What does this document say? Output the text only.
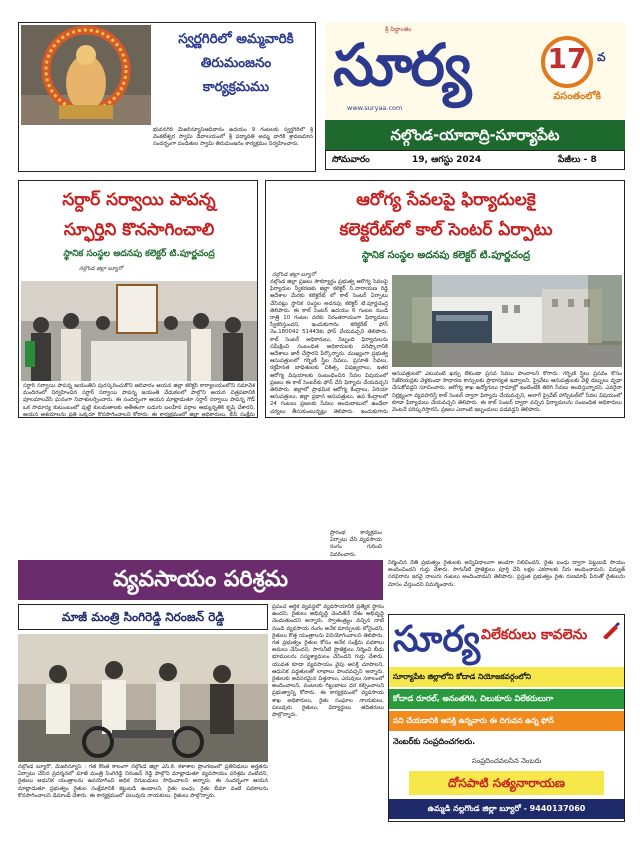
స్వర్ణగిరిలో అమ్మవారికి
తిరుమంజనం
కార్యక్రమము
భువనగిరి మేజర్‌న్యూస్‌ఆదివారం ఉదయం 9 గంటలకు స్వర్ణగిరిలో శ్రీ వెంకటేశ్వర స్వామి దేవాలయంలో శ్రీ పద్మావతి అమ్మ వారికి శ్రావణమాస సందర్భంగా పండితుల స్వామి తిరుమంజనం కార్యక్రమం నిర్వహించారు.
శ్రీ సిద్దాంతం
సూర్య
www.suryaa.com
17 వ
వసంతంలోకి
నల్గొండ-యాదాద్రి-సూర్యాపేట
సోమవారం	19, ఆగస్టు 2024	పేజీలు - 8
సర్దార్ సర్వాయి పాపన్న
స్ఫూర్తిని కొనసాగించాలి
స్థానిక సంస్థల అదనపు కలెక్టర్ టి.పూర్ణచంద్ర
నల్గొండ జిల్లా బ్యూరో
సర్దార్ సర్వాయి పాపన్న జయంతిని పురస్కరించుకొని ఆదివారం ఆయన జిల్లా కలెక్టర్ కార్యాలయంలోని సమావేశ మందిరంలో నిర్వహించిన సర్దార్ సర్వాయి పాపన్న జయంతి వేడుకలలో పాల్గొని ఆయన చిత్రపటానికి పూలమాలవేసి ఘనంగా నివాళులర్పించారు. ఈ సందర్భంగా ఆయన మాట్లాడుతూ సర్దార్ సర్వాయి పాపన్న గౌడ్ ఒక సామాన్య కుటుంబంలో పుట్టి కులమతాలకు అతీతంగా బడుగు బలహీన వర్గాల అభ్యున్నతికి కృషి చేశారని, ఆయన ఆశయాలను ప్రతి ఒక్కరూ కొనసాగించాలని కోరారు. ఈ కార్యక్రమంలో జిల్లా అధికారులు, బీసీ సంక్షేమ
ఆరోగ్య సేవలపై ఫిర్యాదులకై
కలెక్టరేట్‌లో కాల్ సెంటర్ ఏర్పాటు
స్థానిక సంస్థల అదనపు కలెక్టర్ టి.పూర్ణచంద్ర
నల్గొండ జిల్లా బ్యూరో
నల్గొండ జిల్లా ప్రజలు సౌకర్యార్థం ప్రభుత్వ ఆరోగ్య సేవలపై ఫిర్యాదుల స్వీకరణకు జిల్లా కలెక్టర్ సి.నారాయణ రెడ్డి ఆదేశాల మేరకు కలెక్టరేట్ లో కాల్ సెంటర్ ఏర్పాటు చేసినట్లు స్థానిక సంస్థల అదనపు కలెక్టర్ టి.పూర్ణచంద్ర తెలిపారు. ఈ కాల్ సెంటర్ ఉదయం 6 గంటల నుండి రాత్రి 10 గంటల వరకు నిరంతరాయంగా ఫిర్యాదులు స్వీకరిస్తుందని, ఇందుకుగాను కలెక్టరేట్ ఫోన్ నెం.180042 51443కు ఫోన్ చేయవచ్చని తెలిపారు. కాల్ సెంటర్ అధికారులు, సిబ్బంది ఫిర్యాదులను సమీక్షించి సంబంధిత అధికారులకు పరిష్కారానికి ఆదేశాలు జారీ చేస్తారని పేర్కొన్నారు. ముఖ్యంగా ప్రభుత్వ ఆసుపత్రులలో గర్భిణీ స్త్రీల సేవలు, ప్రసూతి సేవలు, రక్తహీనత బాధితులకు చికిత్స, విషజ్వరాలు, ఇతర ఆరోగ్య విషయాలకు సంబంధించిన సేవల విషయంలో ప్రజలు ఈ కాల్ సెంటర్‌కు ఫోన్ చేసి ఫిర్యాదు చేయవచ్చని తెలిపారు. జిల్లాలో ప్రాథమిక ఆరోగ్య కేంద్రాలు, ఏరియా ఆసుపత్రులు, జిల్లా ప్రధాన ఆసుపత్రులు, ఉప కేంద్రాలలో 24 గంటలు ప్రజలకు సేవలు అందుబాటులో ఉండేలా చర్యలు తీసుకుంటున్నట్లు తెలిపారు. ఇందుకుగాను
ఆసుపత్రులలో ఎటువంటి ఖర్చు లేకుండా ప్రసవ సేవలు పొందాలని కోరారు. గర్భిణీ స్త్రీలు ప్రసవం కోసం సిజేరియన్లకు వెళ్లకుండా సాధారణ కాన్పులకు ప్రాధాన్యత ఇవ్వాలని, ప్రైవేటు ఆసుపత్రులకు వెళ్లి డబ్బులు వృధా చేసుకోవద్దని సూచించారు. ఆరోగ్య శాఖ ఉద్యోగులు గ్రామాల్లో ఇంటింటికి తిరిగి సేవలు అందిస్తున్నారని, ఎవరైనా నిర్లక్ష్యంగా వ్యవహరిస్తే కాల్ సెంటర్ ద్వారా ఫిర్యాదు చేయవచ్చని, అలాగే ప్రైవేట్ హాస్పిటల్‌లో సేవల విషయంలో కూడా ఫిర్యాదులు చేయవచ్చని తెలిపారు. ఈ కాల్ సెంటర్ ద్వారా వచ్చిన ఫిర్యాదులను సంబంధిత అధికారులు వెంటనే పరిష్కరిస్తారని, ప్రజలు ఎలాంటి ఇబ్బందులు పడవద్దని తెలిపారు.
వ్యవసాయం పరిశ్రమ
ప్రారంభ కార్యక్రమం ఏర్పాటు చేసి వ్యవసాయ రంగం గురించి వివరించారు.
మాజీ మంత్రి సింగిరెడ్డి నిరంజన్ రెడ్డి
నల్గొండ బ్యూరో, మేజర్‌న్యూస్ : గత కొంత కాలంగా నల్గొండ జిల్లా ఎస్.కె. కళాశాల ప్రాంగణంలో ప్రతినిధులు అర్హతను ఏర్పాటు చేసిన ప్రదర్శనలో మాజీ మంత్రి సింగిరెడ్డి నిరంజన్ రెడ్డి పాల్గొని మాట్లాడుతూ వ్యవసాయం పరిశ్రమ వంటిదని, రైతులు ఆధునిక యంత్రాలను ఉపయోగించి అధిక దిగుబడులు సాధించాలని అన్నారు. ఈ సందర్భంగా ఆయన మాట్లాడుతూ ప్రభుత్వం రైతుల సంక్షేమానికి కట్టుబడి ఉండాలని, రైతు బంధు, రైతు బీమా వంటి పథకాలను కొనసాగించాలని డిమాండ్ చేశారు. ఈ కార్యక్రమంలో పలువురు నాయకులు, రైతులు పాల్గొన్నారు.
ప్రపంచ ఆర్థిక వ్యవస్థలో వ్యవసాయానికి ప్రత్యేక స్థానం ఉందని, రైతులు అభివృద్ధి చెందితేనే దేశం అభివృద్ధి చెందుతుందని అన్నారు. స్వాతంత్ర్యం వచ్చిన నాటి నుండి వ్యవసాయ రంగం అనేక మార్పులకు లోనైందని, రైతులు కొత్త యంత్రాలను వినియోగించాలని తెలిపారు. గత ప్రభుత్వం రైతుల కోసం అనేక సంక్షేమ పథకాలు అమలు చేసిందని, సాగునీటి ప్రాజెక్టులు నిర్మించి బీడు భూములను సస్యశ్యామలం చేసిందని గుర్తు చేశారు. యువత కూడా వ్యవసాయం వైపు ఆసక్తి చూపాలని, ఆధునిక పద్ధతులతో లాభాలు పొందవచ్చని అన్నారు. రైతులకు అవసరమైన విత్తనాలు, ఎరువులు సకాలంలో అందించాలని, పంటలకు గిట్టుబాటు ధర కల్పించాలని ప్రభుత్వాన్ని కోరారు. ఈ కార్యక్రమంలో వ్యవసాయ శాఖ అధికారులు, రైతు సంఘాల నాయకులు, పలువురు రైతులు, విద్యార్థులు తదితరులు పాల్గొన్నారు.
నిర్మించిన నేతి ప్రభుత్వం రైతులకు అన్నివిధాలుగా అండగా నిలిచిందని, రైతు బంధు ద్వారా పెట్టుబడి సాయం అందించిందని గుర్తు చేశారు. సాగునీటి ప్రాజెక్టులు పూర్తి చేసి లక్షల ఎకరాలకు నీరు అందించామని, విద్యుత్ సరఫరాను ఇరవై నాలుగు గంటలు అందించామని తెలిపారు. ప్రస్తుత ప్రభుత్వం రైతు రుణమాఫీ పేరుతో రైతులను మోసం చేస్తుందని విమర్శించారు.
సూర్య విలేకరులు కావలెను
సూర్యాపేట జిల్లాలోని కోదాడ నియోజకవర్గంలోని
కోదాడ రూరల్, అనంతగిరి, చిలుకూరు విలేకరులుగా
పని చేయడానికి ఆసక్తి ఉన్నవారు ఈ దిగువన ఉన్న ఫోన్
నెంబర్‌కు సంప్రదించగలరు.
సంప్రదించవలసిన నెంబరు
దోసపాటి సత్యనారాయణ
ఉమ్మడి నల్లగొండ జిల్లా బ్యూరో - 9440137060
